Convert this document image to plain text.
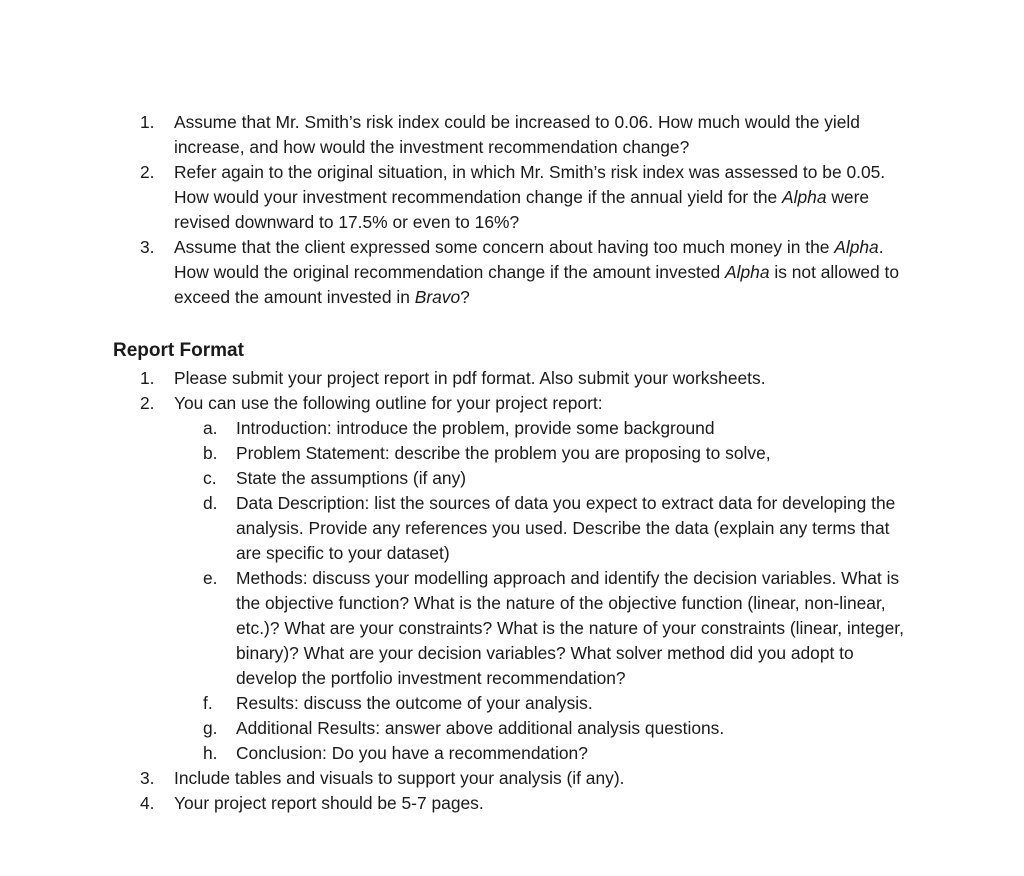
1. Assume that Mr. Smith’s risk index could be increased to 0.06. How much would the yield increase, and how would the investment recommendation change?
2. Refer again to the original situation, in which Mr. Smith’s risk index was assessed to be 0.05. How would your investment recommendation change if the annual yield for the Alpha were revised downward to 17.5% or even to 16%?
3. Assume that the client expressed some concern about having too much money in the Alpha. How would the original recommendation change if the amount invested Alpha is not allowed to exceed the amount invested in Bravo?
Report Format
1. Please submit your project report in pdf format. Also submit your worksheets.
2. You can use the following outline for your project report:
a. Introduction: introduce the problem, provide some background
b. Problem Statement: describe the problem you are proposing to solve,
c. State the assumptions (if any)
d. Data Description: list the sources of data you expect to extract data for developing the analysis. Provide any references you used. Describe the data (explain any terms that are specific to your dataset)
e. Methods: discuss your modelling approach and identify the decision variables. What is the objective function? What is the nature of the objective function (linear, non-linear, etc.)? What are your constraints? What is the nature of your constraints (linear, integer, binary)? What are your decision variables? What solver method did you adopt to develop the portfolio investment recommendation?
f. Results: discuss the outcome of your analysis.
g. Additional Results: answer above additional analysis questions.
h. Conclusion: Do you have a recommendation?
3. Include tables and visuals to support your analysis (if any).
4. Your project report should be 5-7 pages.
